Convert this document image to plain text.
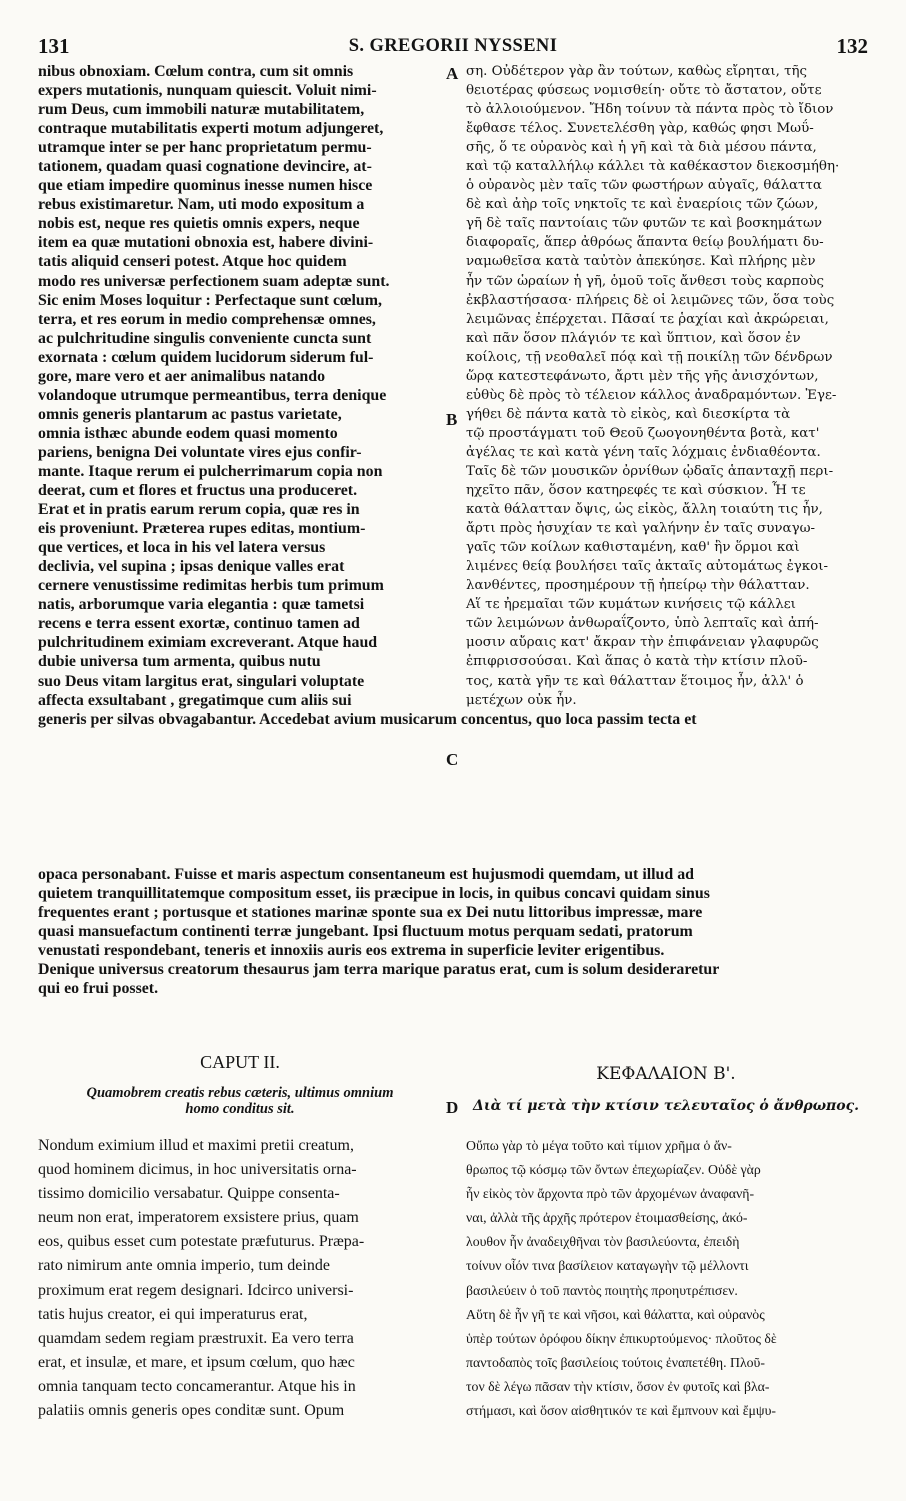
131	S. GREGORII NYSSENI	132
A
B
C
D
nibus obnoxiam. Cœlum contra, cum sit omnis
expers mutationis, nunquam quiescit. Voluit nimi-
rum Deus, cum immobili naturæ mutabilitatem,
contraque mutabilitatis experti motum adjungeret,
utramque inter se per hanc proprietatum permu-
tationem, quadam quasi cognatione devincire, at-
que etiam impedire quominus inesse numen hisce
rebus existimaretur. Nam, uti modo expositum a
nobis est, neque res quietis omnis expers, neque
item ea quæ mutationi obnoxia est, habere divini-
tatis aliquid censeri potest. Atque hoc quidem
modo res universæ perfectionem suam adeptæ sunt.
Sic enim Moses loquitur : Perfectaque sunt cœlum,
terra, et res eorum in medio comprehensæ omnes,
ac pulchritudine singulis conveniente cuncta sunt
exornata : cœlum quidem lucidorum siderum ful-
gore, mare vero et aer animalibus natando
volandoque utrumque permeantibus, terra denique
omnis generis plantarum ac pastus varietate,
omnia isthæc abunde eodem quasi momento
pariens, benigna Dei voluntate vires ejus confir-
mante. Itaque rerum ei pulcherrimarum copia non
deerat, cum et flores et fructus una produceret.
Erat et in pratis earum rerum copia, quæ res in
eis proveniunt. Præterea rupes editas, montium-
que vertices, et loca in his vel latera versus
declivia, vel supina ; ipsas denique valles erat
cernere venustissime redimitas herbis tum primum
natis, arborumque varia elegantia : quæ tametsi
recens e terra essent exortæ, continuo tamen ad
pulchritudinem eximiam excreverant. Atque haud
dubie universa tum armenta, quibus nutu
suo Deus vitam largitus erat, singulari voluptate
affecta exsultabant , gregatimque cum aliis sui
generis per silvas obvagabantur. Accedebat avium musicarum concentus, quo loca passim tecta et
ση. Οὐδέτερον γὰρ ἂν τούτων, καθὼς εἴρηται, τῆς
θειοτέρας φύσεως νομισθείη· οὔτε τὸ ἄστατον, οὔτε
τὸ ἀλλοιούμενον. Ἤδη τοίνυν τὰ πάντα πρὸς τὸ ἴδιον
ἔφθασε τέλος. Συνετελέσθη γὰρ, καθώς φησι Μωΰ-
σῆς, ὅ τε οὐρανὸς καὶ ἡ γῆ καὶ τὰ διὰ μέσου πάντα,
καὶ τῷ καταλλήλῳ κάλλει τὰ καθέκαστον διεκοσμήθη·
ὁ οὐρανὸς μὲν ταῖς τῶν φωστήρων αὐγαῖς, θάλαττα
δὲ καὶ ἀὴρ τοῖς νηκτοῖς τε καὶ ἐναερίοις τῶν ζώων,
γῆ δὲ ταῖς παντοίαις τῶν φυτῶν τε καὶ βοσκημάτων
διαφοραῖς, ἅπερ ἀθρόως ἅπαντα θείῳ βουλήματι δυ-
ναμωθεῖσα κατὰ ταὐτὸν ἀπεκύησε. Καὶ πλήρης μὲν
ἦν τῶν ὡραίων ἡ γῆ, ὁμοῦ τοῖς ἄνθεσι τοὺς καρποὺς
ἐκβλαστήσασα· πλήρεις δὲ οἱ λειμῶνες τῶν, ὅσα τοὺς
λειμῶνας ἐπέρχεται. Πᾶσαί τε ῥαχίαι καὶ ἀκρώρειαι,
καὶ πᾶν ὅσον πλάγιόν τε καὶ ὕπτιον, καὶ ὅσον ἐν
κοίλοις, τῇ νεοθαλεῖ πόᾳ καὶ τῇ ποικίλῃ τῶν δένδρων
ὥρᾳ κατεστεφάνωτο, ἄρτι μὲν τῆς γῆς ἀνισχόντων,
εὐθὺς δὲ πρὸς τὸ τέλειον κάλλος ἀναδραμόντων. Ἐγε-
γήθει δὲ πάντα κατὰ τὸ εἰκὸς, καὶ διεσκίρτα τὰ
τῷ προστάγματι τοῦ Θεοῦ ζωογονηθέντα βοτὰ, κατ'
ἀγέλας τε καὶ κατὰ γένη ταῖς λόχμαις ἐνδιαθέοντα.
Ταῖς δὲ τῶν μουσικῶν ὀρνίθων ᾠδαῖς ἁπανταχῇ περι-
ηχεῖτο πᾶν, ὅσον κατηρεφές τε καὶ σύσκιον. Ἦ τε
κατὰ θάλατταν ὄψις, ὡς εἰκὸς, ἄλλη τοιαύτη τις ἦν,
ἄρτι πρὸς ἡσυχίαν τε καὶ γαλήνην ἐν ταῖς συναγω-
γαῖς τῶν κοίλων καθισταμένη, καθ' ἣν ὅρμοι καὶ
λιμένες θείᾳ βουλήσει ταῖς ἀκταῖς αὐτομάτως ἐγκοι-
λανθέντες, προσημέρουν τῇ ἠπείρῳ τὴν θάλατταν.
Αἵ τε ἠρεμαῖαι τῶν κυμάτων κινήσεις τῷ κάλλει
τῶν λειμώνων ἀνθωραΐζοντο, ὑπὸ λεπταῖς καὶ ἀπή-
μοσιν αὔραις κατ' ἄκραν τὴν ἐπιφάνειαν γλαφυρῶς
ἐπιφρισσούσαι. Καὶ ἅπας ὁ κατὰ τὴν κτίσιν πλοῦ-
τος, κατὰ γῆν τε καὶ θάλατταν ἕτοιμος ἦν, ἀλλ' ὁ
μετέχων οὐκ ἦν.
opaca personabant. Fuisse et maris aspectum consentaneum est hujusmodi quemdam, ut illud ad
quietem tranquillitatemque compositum esset, iis præcipue in locis, in quibus concavi quidam sinus
frequentes erant ; portusque et stationes marinæ sponte sua ex Dei nutu littoribus impressæ, mare
quasi mansuefactum continenti terræ jungebant. Ipsi fluctuum motus perquam sedati, pratorum
venustati respondebant, teneris et innoxiis auris eos extrema in superficie leviter erigentibus.
Denique universus creatorum thesaurus jam terra marique paratus erat, cum is solum desideraretur
qui eo frui posset.
CAPUT II.
Quamobrem creatis rebus cæteris, ultimus omnium
homo conditus sit.
ΚΕΦΑΛΑΙΟΝ Β'.
Διὰ τί μετὰ τὴν κτίσιν τελευταῖος ὁ ἄνθρωπος.
Nondum eximium illud et maximi pretii creatum,
quod hominem dicimus, in hoc universitatis orna-
tissimo domicilio versabatur. Quippe consenta-
neum non erat, imperatorem exsistere prius, quam
eos, quibus esset cum potestate præfuturus. Præpa-
rato nimirum ante omnia imperio, tum deinde
proximum erat regem designari. Idcirco universi-
tatis hujus creator, ei qui imperaturus erat,
quamdam sedem regiam præstruxit. Ea vero terra
erat, et insulæ, et mare, et ipsum cœlum, quo hæc
omnia tanquam tecto concamerantur. Atque his in
palatiis omnis generis opes conditæ sunt. Opum
Οὔπω γὰρ τὸ μέγα τοῦτο καὶ τίμιον χρῆμα ὁ ἄν-
θρωπος τῷ κόσμῳ τῶν ὄντων ἐπεχωρίαζεν. Οὐδὲ γὰρ
ἦν εἰκὸς τὸν ἄρχοντα πρὸ τῶν ἀρχομένων ἀναφανῆ-
ναι, ἀλλὰ τῆς ἀρχῆς πρότερον ἑτοιμασθείσης, ἀκό-
λουθον ἦν ἀναδειχθῆναι τὸν βασιλεύοντα, ἐπειδὴ
τοίνυν οἷόν τινα βασίλειον καταγωγὴν τῷ μέλλοντι
βασιλεύειν ὁ τοῦ παντὸς ποιητὴς προηυτρέπισεν.
Αὕτη δὲ ἦν γῆ τε καὶ νῆσοι, καὶ θάλαττα, καὶ οὐρανὸς
ὑπὲρ τούτων ὀρόφου δίκην ἐπικυρτούμενος· πλοῦτος δὲ
παντοδαπὸς τοῖς βασιλείοις τούτοις ἐναπετέθη. Πλοῦ-
τον δὲ λέγω πᾶσαν τὴν κτίσιν, ὅσον ἐν φυτοῖς καὶ βλα-
στήμασι, καὶ ὅσον αἰσθητικόν τε καὶ ἔμπνουν καὶ ἔμψυ-
